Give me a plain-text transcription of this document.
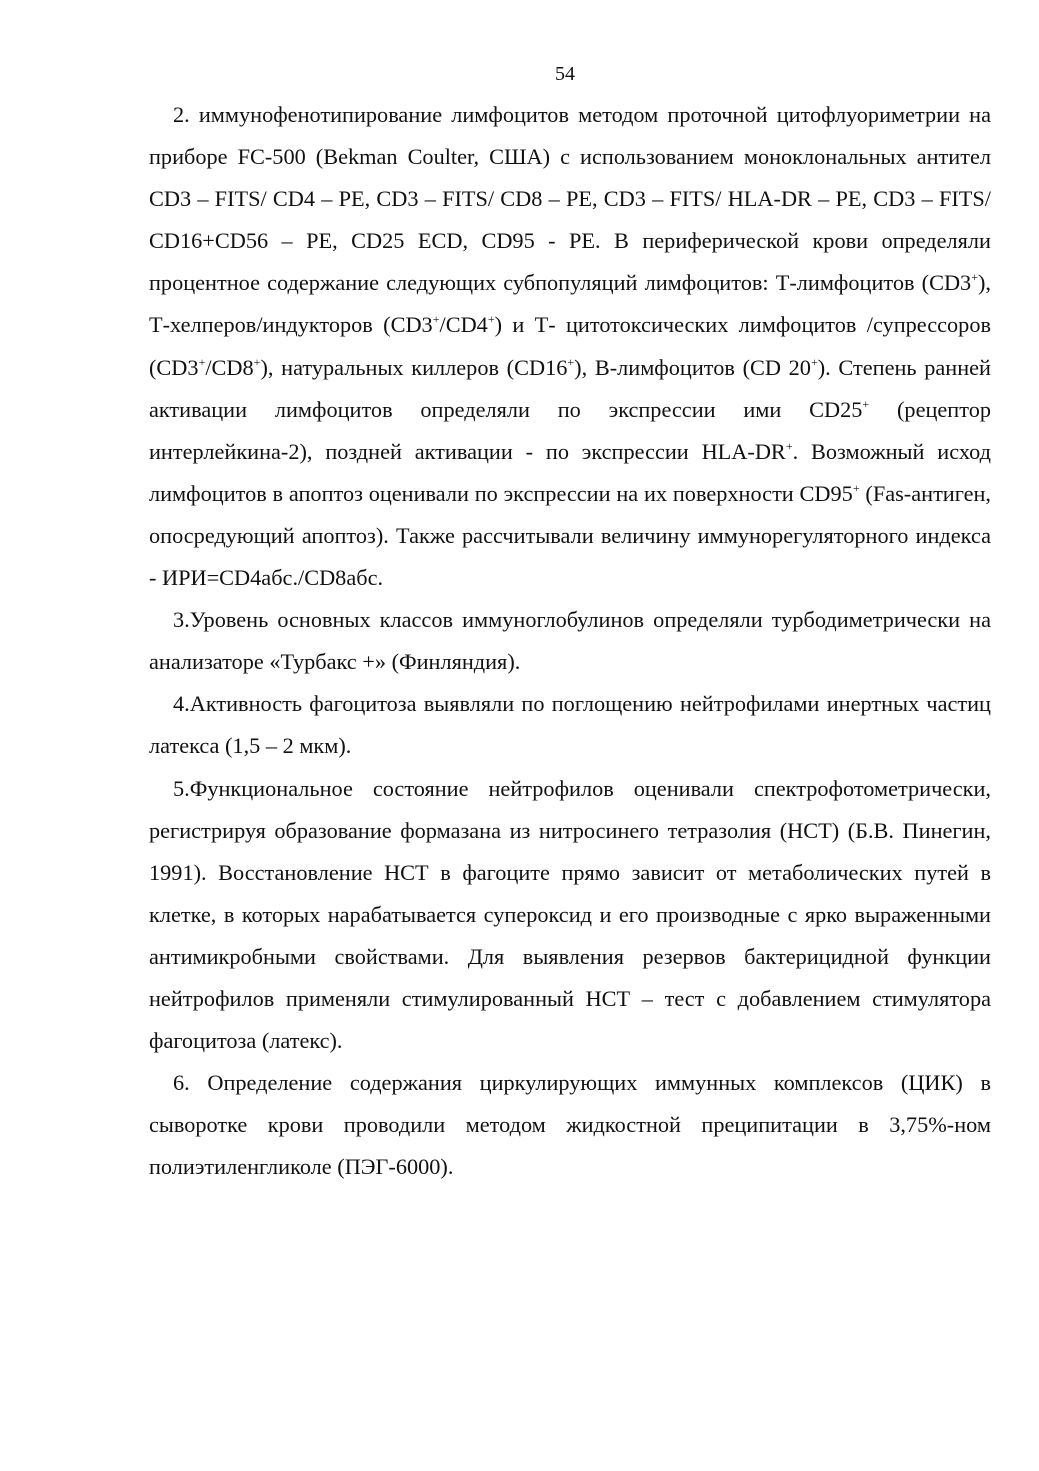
54

2. иммунофенотипирование лимфоцитов методом проточной цитофлуориметрии на приборе FC-500 (Bekman Coulter, США) с использованием моноклональных антител CD3 – FITS/ CD4 – PE, CD3 – FITS/ CD8 – PE, CD3 – FITS/ HLA-DR – PE, CD3 – FITS/ CD16+CD56 – PE, CD25 ECD, CD95 - PE. В периферической крови определяли процентное содержание следующих субпопуляций лимфоцитов: Т-лимфоцитов (CD3+), Т-хелперов/индукторов (CD3+/CD4+) и Т- цитотоксических лимфоцитов /супрессоров (CD3+/CD8+), натуральных киллеров (CD16+), В-лимфоцитов (CD 20+). Степень ранней активации лимфоцитов определяли по экспрессии ими CD25+ (рецептор интерлейкина-2), поздней активации - по экспрессии HLA-DR+. Возможный исход лимфоцитов в апоптоз оценивали по экспрессии на их поверхности CD95+ (Fas-антиген, опосредующий апоптоз). Также рассчитывали величину иммунорегуляторного индекса - ИРИ=CD4абс./CD8абс.

3.Уровень основных классов иммуноглобулинов определяли турбодиметрически на анализаторе «Турбакс +» (Финляндия).

4.Активность фагоцитоза выявляли по поглощению нейтрофилами инертных частиц латекса (1,5 – 2 мкм).

5.Функциональное состояние нейтрофилов оценивали спектрофотометрически, регистрируя образование формазана из нитросинего тетразолия (НСТ) (Б.В. Пинегин, 1991). Восстановление НСТ в фагоците прямо зависит от метаболических путей в клетке, в которых нарабатывается супероксид и его производные с ярко выраженными антимикробными свойствами. Для выявления резервов бактерицидной функции нейтрофилов применяли стимулированный НСТ – тест с добавлением стимулятора фагоцитоза (латекс).

6. Определение содержания циркулирующих иммунных комплексов (ЦИК) в сыворотке крови проводили методом жидкостной преципитации в 3,75%-ном полиэтиленгликоле (ПЭГ-6000).
